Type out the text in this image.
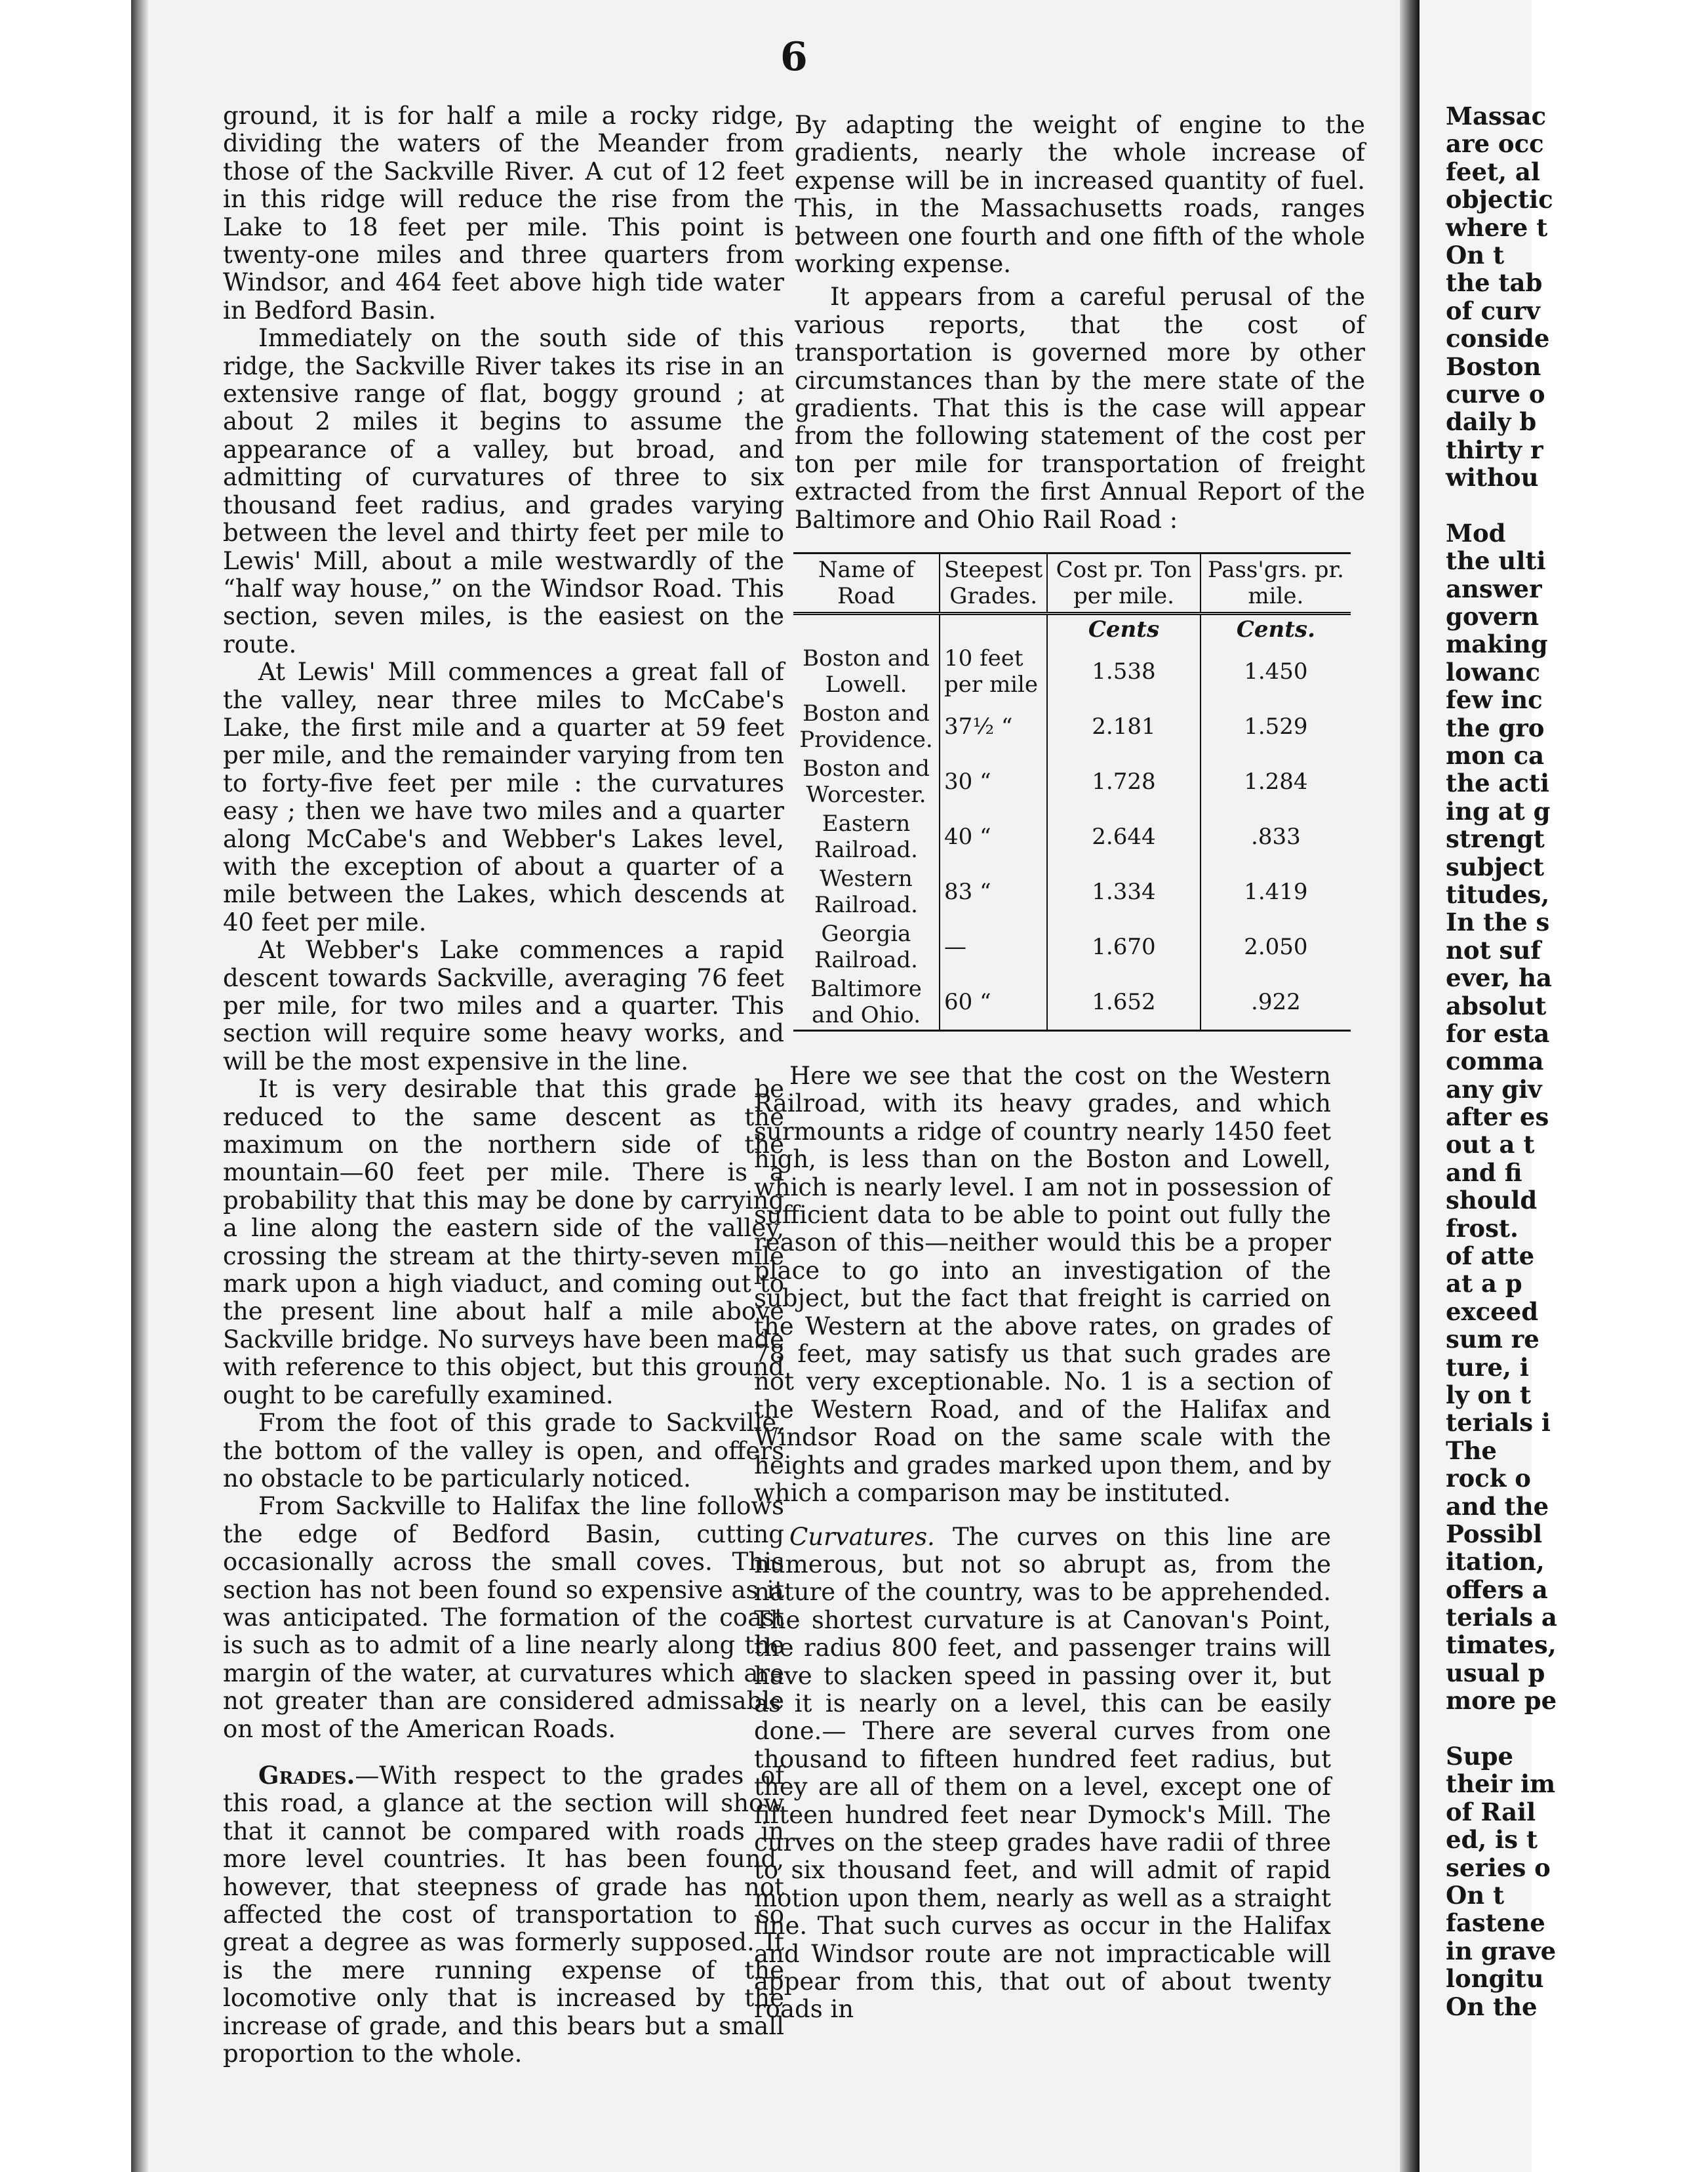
6

ground, it is for half a mile a rocky ridge, dividing the waters of the Meander from those of the Sackville River. A cut of 12 feet in this ridge will reduce the rise from the Lake to 18 feet per mile. This point is twenty-one miles and three quarters from Windsor, and 464 feet above high tide water in Bedford Basin.

Immediately on the south side of this ridge, the Sackville River takes its rise in an extensive range of flat, boggy ground ; at about 2 miles it begins to assume the appearance of a valley, but broad, and admitting of curvatures of three to six thousand feet radius, and grades varying between the level and thirty feet per mile to Lewis' Mill, about a mile westwardly of the “half way house,” on the Windsor Road. This section, seven miles, is the easiest on the route.

At Lewis' Mill commences a great fall of the valley, near three miles to McCabe's Lake, the first mile and a quarter at 59 feet per mile, and the remainder varying from ten to forty-five feet per mile : the curvatures easy ; then we have two miles and a quarter along McCabe's and Webber's Lakes level, with the exception of about a quarter of a mile between the Lakes, which descends at 40 feet per mile.

At Webber's Lake commences a rapid descent towards Sackville, averaging 76 feet per mile, for two miles and a quarter. This section will require some heavy works, and will be the most expensive in the line.

It is very desirable that this grade be reduced to the same descent as the maximum on the northern side of the mountain—60 feet per mile. There is a probability that this may be done by carrying a line along the eastern side of the valley, crossing the stream at the thirty-seven mile mark upon a high viaduct, and coming out to the present line about half a mile above Sackville bridge. No surveys have been made with reference to this object, but this ground ought to be carefully examined.

From the foot of this grade to Sackville, the bottom of the valley is open, and offers no obstacle to be particularly noticed.

From Sackville to Halifax the line follows the edge of Bedford Basin, cutting occasionally across the small coves. This section has not been found so expensive as it was anticipated. The formation of the coast is such as to admit of a line nearly along the margin of the water, at curvatures which are not greater than are considered admissable on most of the American Roads.

Grades.—With respect to the grades of this road, a glance at the section will show that it cannot be compared with roads in more level countries. It has been found, however, that steepness of grade has not affected the cost of transportation to so great a degree as was formerly supposed. It is the mere running expense of the locomotive only that is increased by the increase of grade, and this bears but a small proportion to the whole.

By adapting the weight of engine to the gradients, nearly the whole increase of expense will be in increased quantity of fuel. This, in the Massachusetts roads, ranges between one fourth and one fifth of the whole working expense.

It appears from a careful perusal of the various reports, that the cost of transportation is governed more by other circumstances than by the mere state of the gradients. That this is the case will appear from the following statement of the cost per ton per mile for transportation of freight extracted from the first Annual Report of the Baltimore and Ohio Rail Road :

Name of Road	Steepest Grades.	Cost pr. Ton per mile.	Pass'grs. pr. mile.
		Cents	Cents.
Boston and Lowell.	10 feet per mile	1.538	1.450
Boston and Providence.	37½ “	2.181	1.529
Boston and Worcester.	30 “	1.728	1.284
Eastern Railroad.	40 “	2.644	.833
Western Railroad.	83 “	1.334	1.419
Georgia Railroad.	—	1.670	2.050
Baltimore and Ohio.	60 “	1.652	.922

Here we see that the cost on the Western Railroad, with its heavy grades, and which surmounts a ridge of country nearly 1450 feet high, is less than on the Boston and Lowell, which is nearly level. I am not in possession of sufficient data to be able to point out fully the reason of this—neither would this be a proper place to go into an investigation of the subject, but the fact that freight is carried on the Western at the above rates, on grades of 78 feet, may satisfy us that such grades are not very exceptionable. No. 1 is a section of the Western Road, and of the Halifax and Windsor Road on the same scale with the heights and grades marked upon them, and by which a comparison may be instituted.

Curvatures. The curves on this line are numerous, but not so abrupt as, from the nature of the country, was to be apprehended. The shortest curvature is at Canovan's Point, the radius 800 feet, and passenger trains will have to slacken speed in passing over it, but as it is nearly on a level, this can be easily done.— There are several curves from one thousand to fifteen hundred feet radius, but they are all of them on a level, except one of fifteen hundred feet near Dymock's Mill. The curves on the steep grades have radii of three to six thousand feet, and will admit of rapid motion upon them, nearly as well as a straight line. That such curves as occur in the Halifax and Windsor route are not impracticable will appear from this, that out of about twenty roads in

Massac
are occ
feet, al
objectic
where t
On t
the tab
of curv
conside
Boston
curve o
daily b
thirty r
withou
Mod
the ulti
answer
govern
making
lowanc
few inc
the gro
mon ca
the acti
ing at g
strengt
subject
titudes,
In the s
not suf
ever, ha
absolut
for esta
comma
any giv
after es
out a t
and fi
should
frost.
of atte
at a p
exceed
sum re
ture, i
ly on t
terials i
The
rock o
and the
Possibl
itation,
offers a
terials a
timates,
usual p
more pe
Supe
their im
of Rail
ed, is t
series o
On t
fastene
in grave
longitu
On the
